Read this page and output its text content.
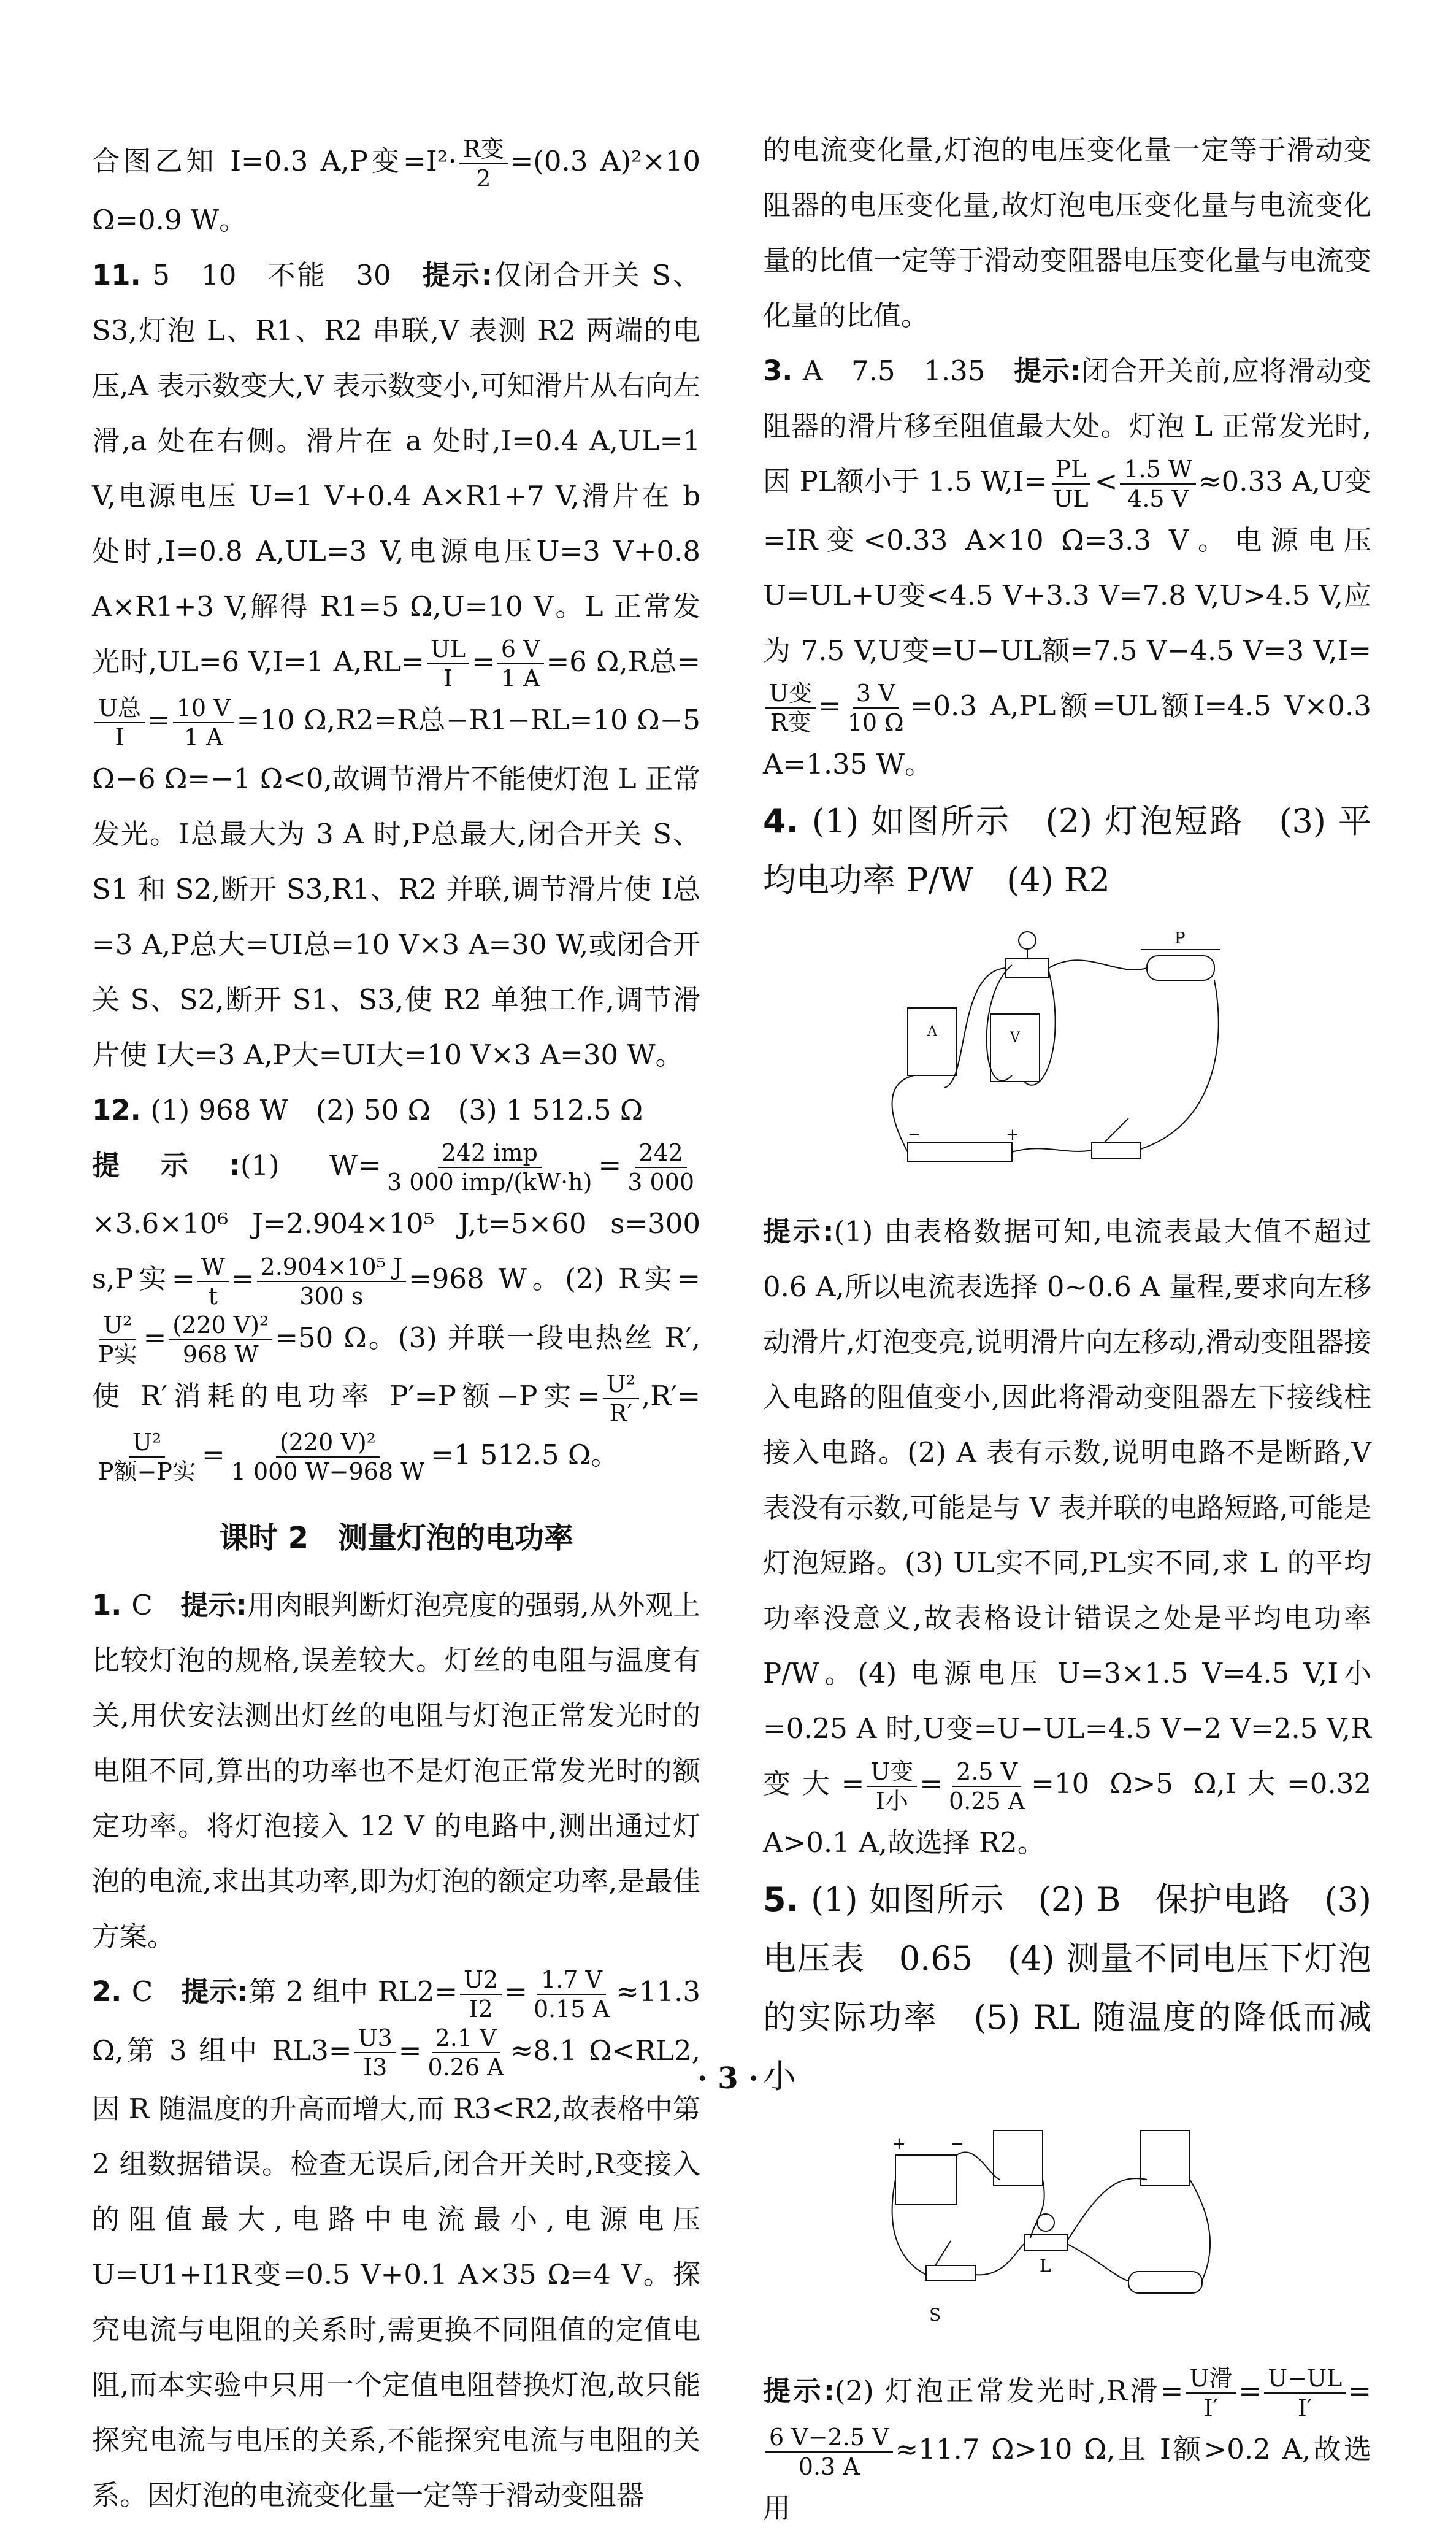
合图乙知 I=0.3 A,P变$=I^2\cdot \frac{\text{R变}}{2} =(0.3$ A)²×10 Ω=0.9 W。
11. 5　10　不能　30　提示:仅闭合开关 S、S3,灯泡 L、R1、R2 串联,V 表测 R2 两端的电压,A 表示数变大,V 表示数变小,可知滑片从右向左滑,a 处在右侧。滑片在 a 处时,I=0.4 A,UL=1 V,电源电压 U=1 V+0.4 A×R1+7 V,滑片在 b 处时,I=0.8 A,UL=3 V,电源电压U=3 V+0.8 A×R1+3 V,解得 R1=5 Ω,U=10 V。L 正常发光时,UL=6 V,I=1 $A,RL= \frac{UL}{I} = \frac{6 V}{1 A} =6$ Ω,R总=
$\frac{\text{U总}}{I} = \frac{10 V}{1 A} =10$ Ω,R2=R总−R1−RL=10 Ω−5 Ω−6 Ω=−1 Ω<0,故调节滑片不能使灯泡 L 正常发光。I总最大为 3 A 时,P总最大,闭合开关 S、S1 和 S2,断开 S3,R1、R2 并联,调节滑片使 I总=3 A,P总大=UI总=10 V×3 A=30 W,或闭合开关 S、S2,断开 S1、S3,使 R2 单独工作,调节滑片使 I大=3 A,P大=UI大=10 V×3 A=30 W。
12. (1) 968 W　(2) 50 Ω　(3) 1 512.5 Ω
提示:(1) $W= \frac{\text{242 imp}}{\text{3 000 imp/(kW·h)}} = \frac{242}{3 000}$
×3.6×10⁶ J=2.904×10⁵ J,t=5×60 s=300 s,P实= $\frac{W}{t} = \frac{\text{2.904×10⁵ J}}{300 s} =968$ W。(2) R实=
$\frac{\text{U²}}{\text{P实}} = \frac{\text{(220 V)²}}{968 W} =50$ Ω。(3) 并联一段电热丝 R′,使 R′消耗的电功率 P′=P额−P实= $\frac{\text{U²}}{R'} ,R'=$
$\frac{\text{U²}}{\text{P额−P实}} = \frac{\text{(220 V)²}}{1 000 W-968 W} =1$ 512.5 Ω。
课时 2　测量灯泡的电功率
1. C　提示:用肉眼判断灯泡亮度的强弱,从外观上比较灯泡的规格,误差较大。灯丝的电阻与温度有关,用伏安法测出灯丝的电阻与灯泡正常发光时的电阻不同,算出的功率也不是灯泡正常发光时的额定功率。将灯泡接入 12 V 的电路中,测出通过灯泡的电流,求出其功率,即为灯泡的额定功率,是最佳方案。
2. C　提示:第 2 组中 $RL2= \frac{U2}{I2} = \frac{1.7 V}{0.15 A} \approx 11.3$ Ω,第 3 组中 $RL3= \frac{U3}{I3} = \frac{2.1 V}{0.26 A} \approx 8.1$ Ω<RL2,因 R 随温度的升高而增大,而 R3<R2,故表格中第 2 组数据错误。检查无误后,闭合开关时,R变接入的阻值最大,电路中电流最小,电源电压 U=U1+I1R变=0.5 V+0.1 A×35 Ω=4 V。探究电流与电阻的关系时,需更换不同阻值的定值电阻,而本实验中只用一个定值电阻替换灯泡,故只能探究电流与电压的关系,不能探究电流与电阻的关系。因灯泡的电流变化量一定等于滑动变阻器
的电流变化量,灯泡的电压变化量一定等于滑动变阻器的电压变化量,故灯泡电压变化量与电流变化量的比值一定等于滑动变阻器电压变化量与电流变化量的比值。
3. A　7.5　1.35　提示:闭合开关前,应将滑动变阻器的滑片移至阻值最大处。灯泡 L 正常发光时,因 PL额小于 1.5 $W,I= \frac{PL}{UL} < \frac{1.5 W}{4.5 V} \approx 0.33$ A,U变=IR变<0.33 A×10 Ω=3.3 V。电源电压 U=UL+U变<4.5 V+3.3 V=7.8 V,U>4.5 V,应为 7.5 V,U变=U−UL额=7.5 V−4.5 V=3 V,I=
$\frac{\text{U变}}{\text{R变}} = \frac{3 V}{10 \Omega} =0.3$ A,PL额=UL额I=4.5 V×0.3 A=1.35 W。
4. (1) 如图所示　(2) 灯泡短路　(3) 平均电功率 P/W　(4) R2
A	V
P
−	+
提示:(1) 由表格数据可知,电流表最大值不超过 0.6 A,所以电流表选择 0~0.6 A 量程,要求向左移动滑片,灯泡变亮,说明滑片向左移动,滑动变阻器接入电路的阻值变小,因此将滑动变阻器左下接线柱接入电路。(2) A 表有示数,说明电路不是断路,V 表没有示数,可能是与 V 表并联的电路短路,可能是灯泡短路。(3) UL实不同,PL实不同,求 L 的平均功率没意义,故表格设计错误之处是平均电功率 P/W。(4) 电源电压 U=3×1.5 V=4.5 V,I小=0.25 A 时,U变=U−UL=4.5 V−2 V=2.5 V,R变大= $\frac{\text{U变}}{\text{I小}} = \frac{2.5 V}{0.25 A} =10$ Ω>5 Ω,I大=0.32 A>0.1 A,故选择 R2。
5. (1) 如图所示　(2) B　保护电路　(3) 电压表　0.65　(4) 测量不同电压下灯泡的实际功率　(5) RL 随温度的降低而减小
+	−
L
S
提示:(2) 灯泡正常发光时,R滑= $\frac{\text{U滑}}{I'} = \frac{U-UL}{I'}$ =
$\frac{6 V-2.5 V}{0.3 A} \approx 11.7$ Ω>10 Ω,且 I额>0.2 A,故选用
· 3 ·
